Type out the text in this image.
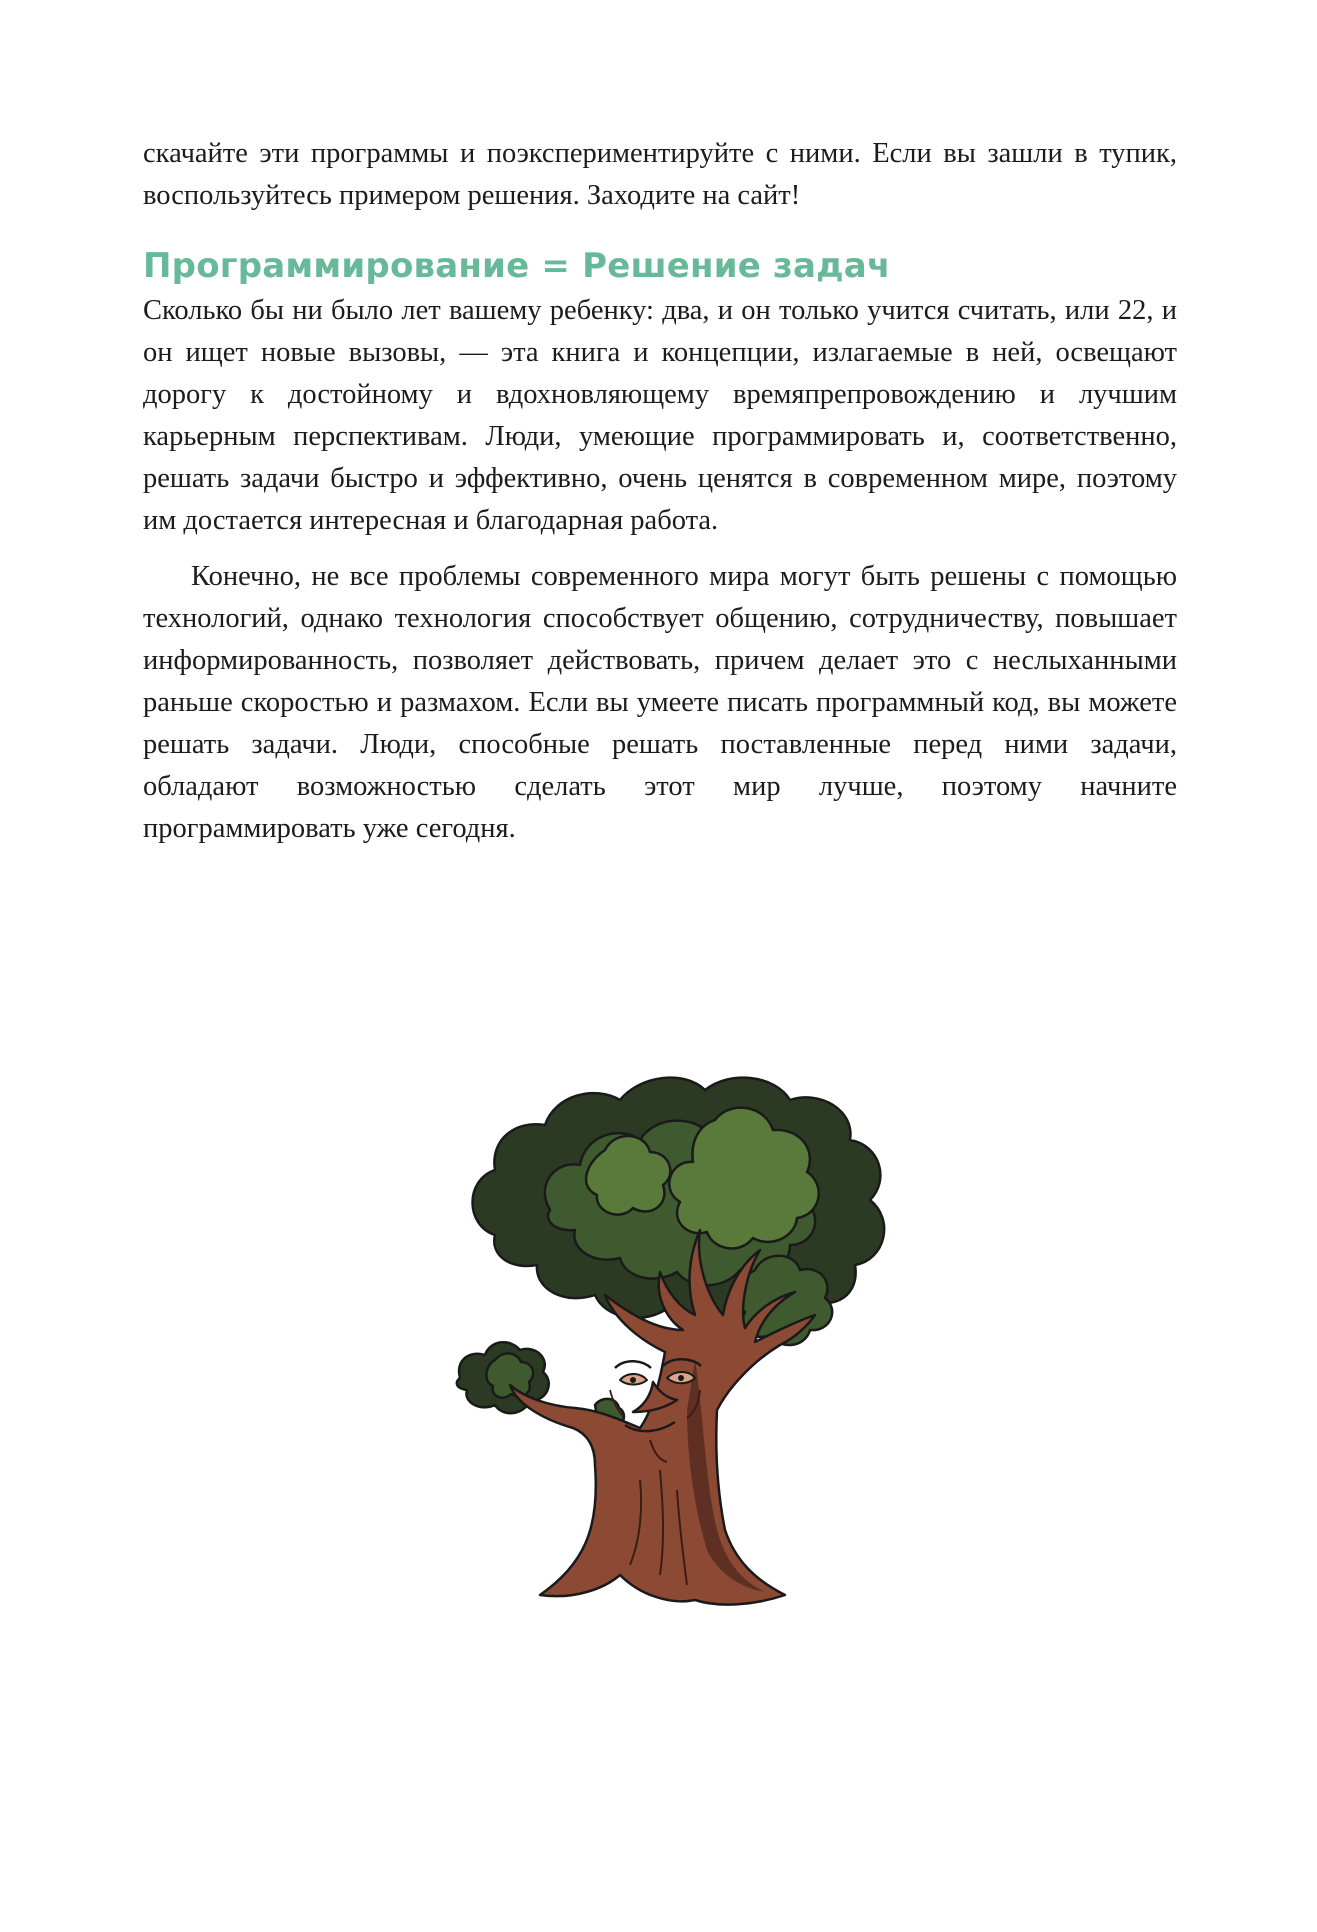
скачайте эти программы и поэкспериментируйте с ними. Если вы зашли в тупик, воспользуйтесь примером решения. Заходите на сайт!

Программирование = Решение задач

Сколько бы ни было лет вашему ребенку: два, и он только учится считать, или 22, и он ищет новые вызовы, — эта книга и концепции, излагаемые в ней, освещают дорогу к достойному и вдохновляющему времяпрепровождению и лучшим карьерным перспективам. Люди, умеющие программировать и, соответственно, решать задачи быстро и эффективно, очень ценятся в современном мире, поэтому им достается интересная и благодарная работа.

Конечно, не все проблемы современного мира могут быть решены с помощью технологий, однако технология способствует общению, сотрудничеству, повышает информированность, позволяет действовать, причем делает это с неслыханными раньше скоростью и размахом. Если вы умеете писать программный код, вы можете решать задачи. Люди, способные решать поставленные перед ними задачи, обладают возможностью сделать этот мир лучше, поэтому начните программировать уже сегодня.
